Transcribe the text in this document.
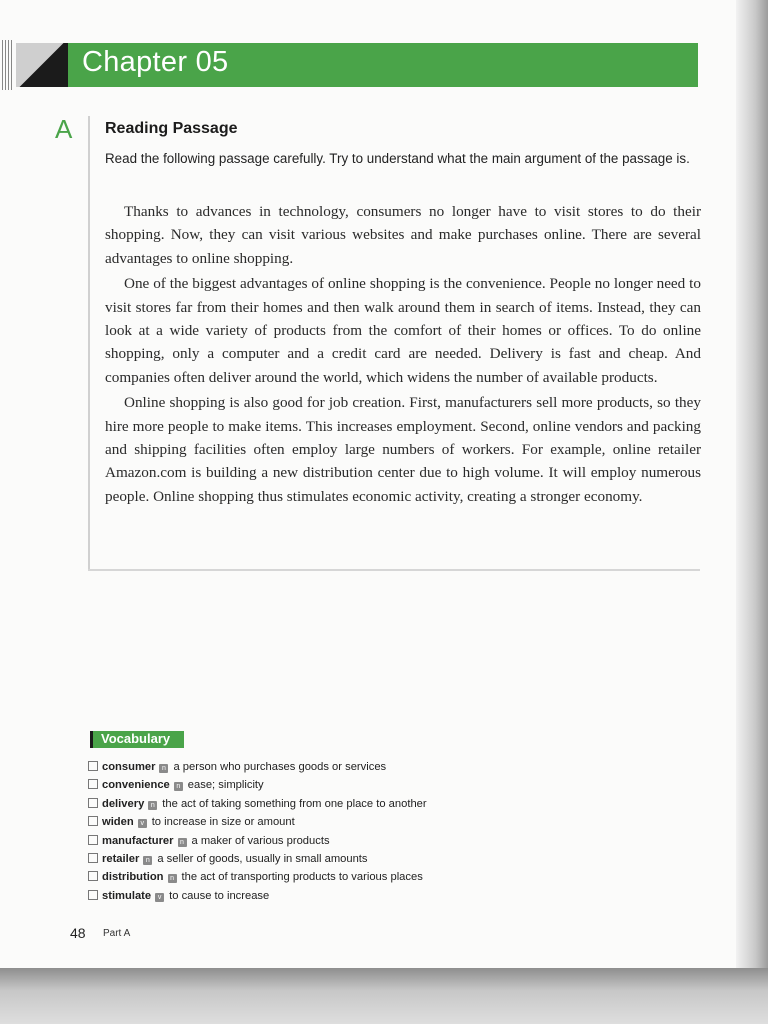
Chapter 05
A Reading Passage
Read the following passage carefully. Try to understand what the main argument of the passage is.

Thanks to advances in technology, consumers no longer have to visit stores to do their shopping. Now, they can visit various websites and make purchases online. There are several advantages to online shopping.

One of the biggest advantages of online shopping is the convenience. People no longer need to visit stores far from their homes and then walk around them in search of items. Instead, they can look at a wide variety of products from the comfort of their homes or offices. To do online shopping, only a computer and a credit card are needed. Delivery is fast and cheap. And companies often deliver around the world, which widens the number of available products.

Online shopping is also good for job creation. First, manufacturers sell more products, so they hire more people to make items. This increases employment. Second, online vendors and packing and shipping facilities often employ large numbers of workers. For example, online retailer Amazon.com is building a new distribution center due to high volume. It will employ numerous people. Online shopping thus stimulates economic activity, creating a stronger economy.

Vocabulary
consumer n a person who purchases goods or services
convenience n ease; simplicity
delivery n the act of taking something from one place to another
widen v to increase in size or amount
manufacturer n a maker of various products
retailer n a seller of goods, usually in small amounts
distribution n the act of transporting products to various places
stimulate v to cause to increase
48 Part A
